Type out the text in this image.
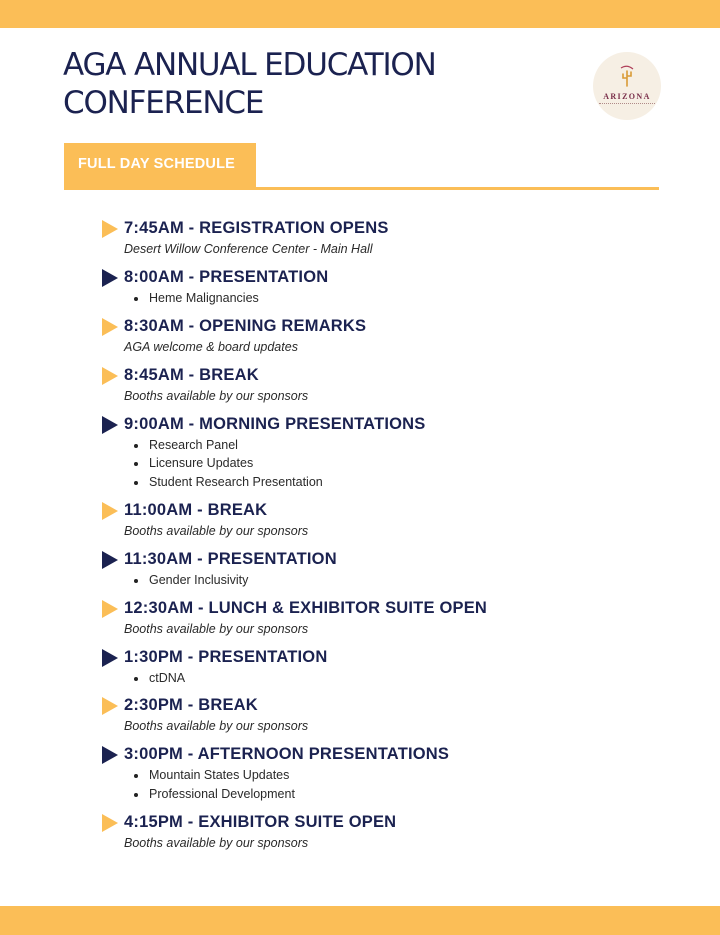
AGA ANNUAL EDUCATION
CONFERENCE	ARIZONA
FULL DAY SCHEDULE
7:45AM - REGISTRATION OPENS
Desert Willow Conference Center - Main Hall
8:00AM - PRESENTATION
Heme Malignancies
8:30AM - OPENING REMARKS
AGA welcome & board updates
8:45AM - BREAK
Booths available by our sponsors
9:00AM - MORNING PRESENTATIONS
Research Panel
Licensure Updates
Student Research Presentation
11:00AM - BREAK
Booths available by our sponsors
11:30AM - PRESENTATION
Gender Inclusivity
12:30AM - LUNCH & EXHIBITOR SUITE OPEN
Booths available by our sponsors
1:30PM - PRESENTATION
ctDNA
2:30PM - BREAK
Booths available by our sponsors
3:00PM - AFTERNOON PRESENTATIONS
Mountain States Updates
Professional Development
4:15PM - EXHIBITOR SUITE OPEN
Booths available by our sponsors
